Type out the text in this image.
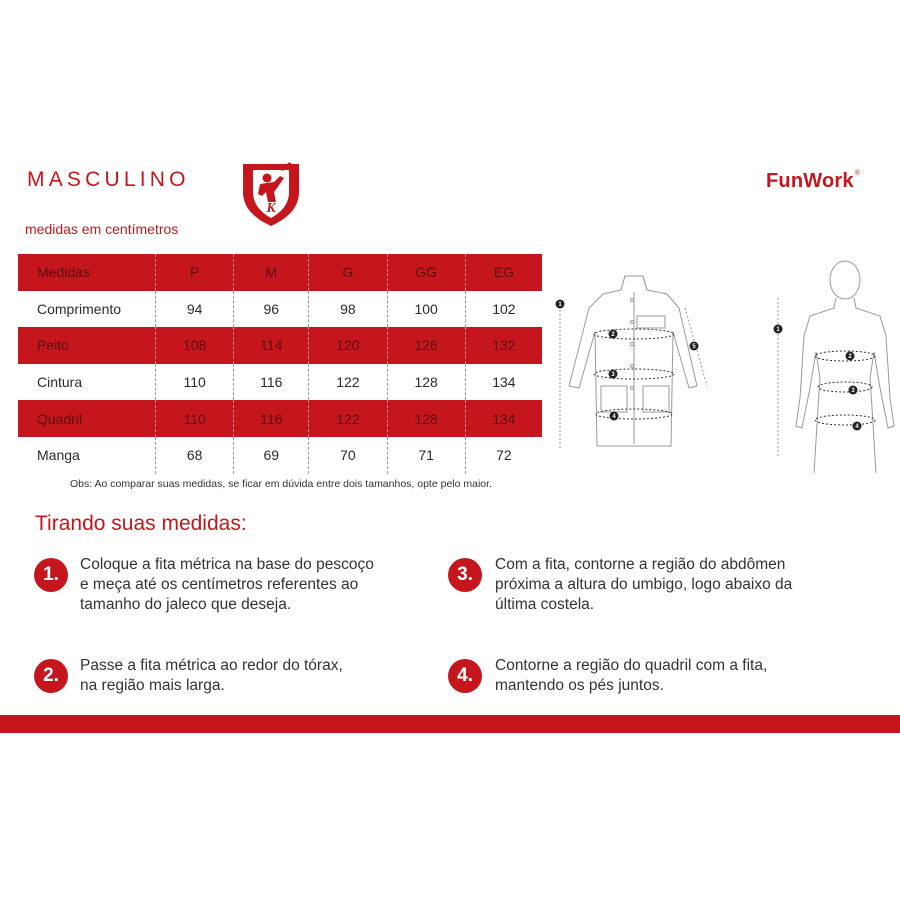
MASCULINO
K
FunWork®
medidas em centímetros
Medidas	P	M	G	GG	EG
Comprimento	94	96	98	100	102
Peito	108	114	120	126	132
Cintura	110	116	122	128	134
Quadril	110	116	122	128	134
Manga	68	69	70	71	72
Obs: Ao comparar suas medidas, se ficar em dúvida entre dois tamanhos, opte pelo maior.
1
2
3
4
5
1
2
3
4
Tirando suas medidas:
1.	Coloque a fita métrica na base do pescoço
e meça até os centímetros referentes ao
tamanho do jaleco que deseja.
2.	Passe a fita métrica ao redor do tórax,
na região mais larga.
3.	Com a fita, contorne a região do abdômen
próxima a altura do umbigo, logo abaixo da
última costela.
4.	Contorne a região do quadril com a fita,
mantendo os pés juntos.
